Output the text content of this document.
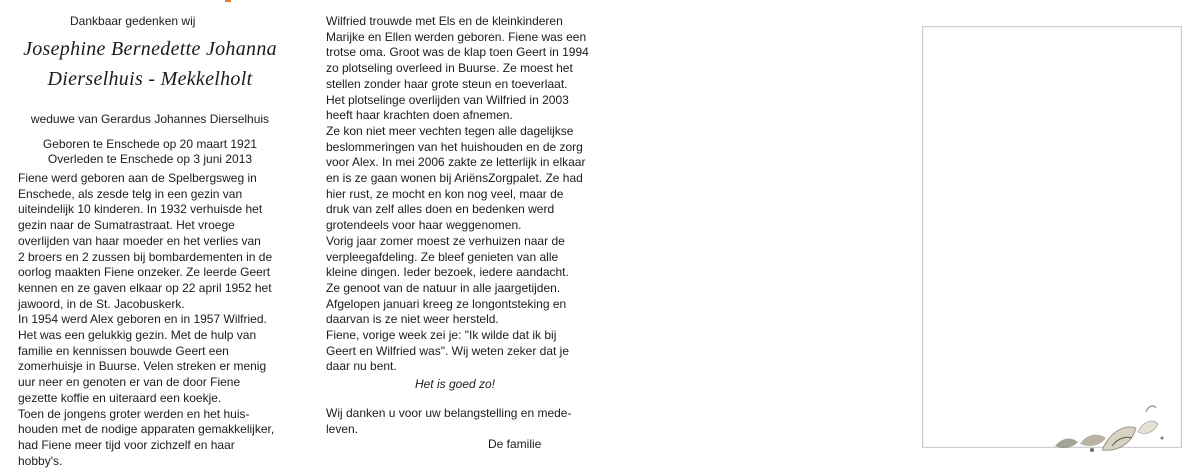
Dankbaar gedenken wij
Josephine Bernedette Johanna
Dierselhuis - Mekkelholt
weduwe van Gerardus Johannes Dierselhuis
Geboren te Enschede op 20 maart 1921
Overleden te Enschede op 3 juni 2013
Fiene werd geboren aan de Spelbergsweg in
Enschede, als zesde telg in een gezin van
uiteindelijk 10 kinderen. In 1932 verhuisde het
gezin naar de Sumatrastraat. Het vroege
overlijden van haar moeder en het verlies van
2 broers en 2 zussen bij bombardementen in de
oorlog maakten Fiene onzeker. Ze leerde Geert
kennen en ze gaven elkaar op 22 april 1952 het
jawoord, in de St. Jacobuskerk.
In 1954 werd Alex geboren en in 1957 Wilfried.
Het was een gelukkig gezin. Met de hulp van
familie en kennissen bouwde Geert een
zomerhuisje in Buurse. Velen streken er menig
uur neer en genoten er van de door Fiene
gezette koffie en uiteraard een koekje.
Toen de jongens groter werden en het huis-
houden met de nodige apparaten gemakkelijker,
had Fiene meer tijd voor zichzelf en haar
hobby's.
Wilfried trouwde met Els en de kleinkinderen
Marijke en Ellen werden geboren. Fiene was een
trotse oma. Groot was de klap toen Geert in 1994
zo plotseling overleed in Buurse. Ze moest het
stellen zonder haar grote steun en toeverlaat.
Het plotselinge overlijden van Wilfried in 2003
heeft haar krachten doen afnemen.
Ze kon niet meer vechten tegen alle dagelijkse
beslommeringen van het huishouden en de zorg
voor Alex. In mei 2006 zakte ze letterlijk in elkaar
en is ze gaan wonen bij AriënsZorgpalet. Ze had
hier rust, ze mocht en kon nog veel, maar de
druk van zelf alles doen en bedenken werd
grotendeels voor haar weggenomen.
Vorig jaar zomer moest ze verhuizen naar de
verpleegafdeling. Ze bleef genieten van alle
kleine dingen. Ieder bezoek, iedere aandacht.
Ze genoot van de natuur in alle jaargetijden.
Afgelopen januari kreeg ze longontsteking en
daarvan is ze niet weer hersteld.
Fiene, vorige week zei je: "Ik wilde dat ik bij
Geert en Wilfried was". Wij weten zeker dat je
daar nu bent.
Het is goed zo!
Wij danken u voor uw belangstelling en mede-
leven.
De familie
